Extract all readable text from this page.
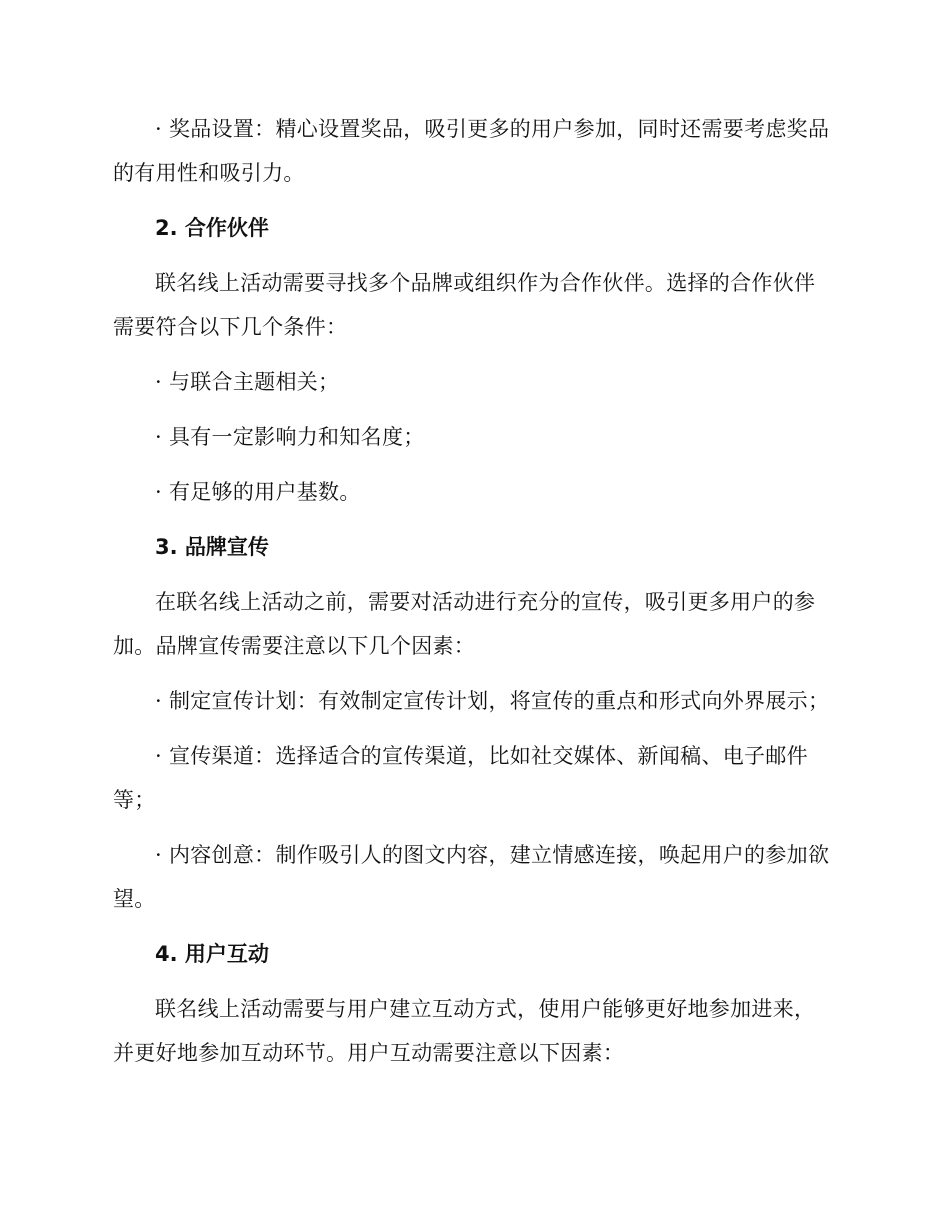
· 奖品设置：精心设置奖品，吸引更多的用户参加，同时还需要考虑奖品的有用性和吸引力。

2. 合作伙伴

联名线上活动需要寻找多个品牌或组织作为合作伙伴。选择的合作伙伴需要符合以下几个条件：

· 与联合主题相关；

· 具有一定影响力和知名度；

· 有足够的用户基数。

3. 品牌宣传

在联名线上活动之前，需要对活动进行充分的宣传，吸引更多用户的参加。品牌宣传需要注意以下几个因素：

· 制定宣传计划：有效制定宣传计划，将宣传的重点和形式向外界展示；

· 宣传渠道：选择适合的宣传渠道，比如社交媒体、新闻稿、电子邮件等；

· 内容创意：制作吸引人的图文内容，建立情感连接，唤起用户的参加欲望。

4. 用户互动

联名线上活动需要与用户建立互动方式，使用户能够更好地参加进来，并更好地参加互动环节。用户互动需要注意以下因素：
